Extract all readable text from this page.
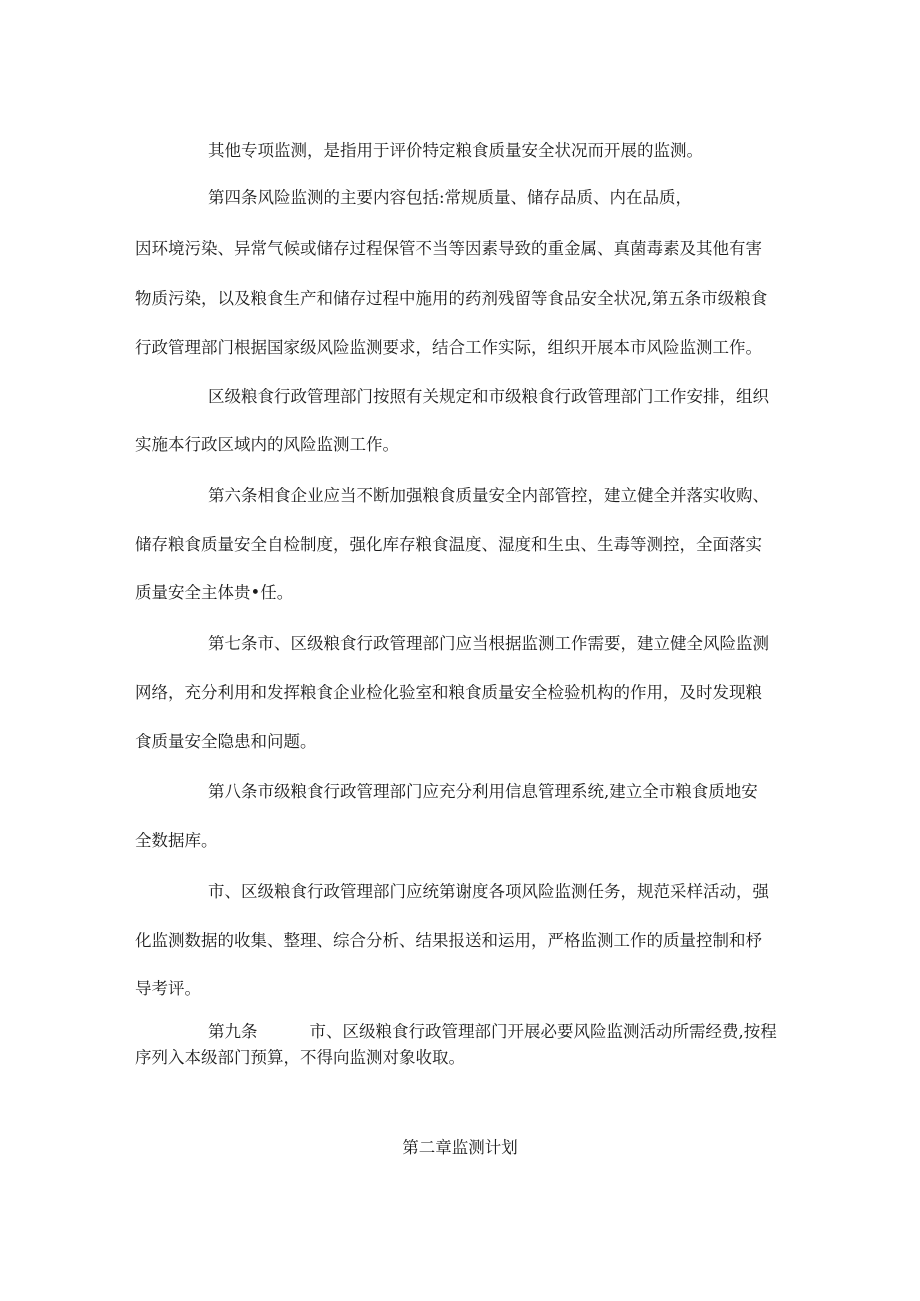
其他专项监测，是指用于评价特定粮食质量安全状况而开展的监测。
第四条风险监测的主要内容包括:常规质量、储存品质、内在品质，
因环境污染、异常气候或储存过程保管不当等因素导致的重金属、真菌毒素及其他有害
物质污染，以及粮食生产和储存过程中施用的药剂残留等食品安全状况,第五条市级粮食
行政管理部门根据国家级风险监测要求，结合工作实际，组织开展本市风险监测工作。
区级粮食行政管理部门按照有关规定和市级粮食行政管理部门工作安排，组织
实施本行政区域内的风险监测工作。
第六条相食企业应当不断加强粮食质量安全内部管控，建立健全并落实收购、
储存粮食质量安全自检制度，强化库存粮食温度、湿度和生虫、生毒等测控，全面落实
质量安全主体贵•任。
第七条市、区级粮食行政管理部门应当根据监测工作需要，建立健全风险监测
网络，充分利用和发挥粮食企业检化验室和粮食质量安全检验机构的作用，及时发现粮
食质量安全隐患和问题。
第八条市级粮食行政管理部门应充分利用信息管理系统,建立全市粮食质地安
全数据库。
市、区级粮食行政管理部门应统第谢度各项风险监测任务，规范采样活动，强
化监测数据的收集、整理、综合分析、结果报送和运用，严格监测工作的质量控制和杼
导考评。
第九条	市、区级粮食行政管理部门开展必要风险监测活动所需经费,按程
序列入本级部门预算，不得向监测对象收取。
第二章监测计划
